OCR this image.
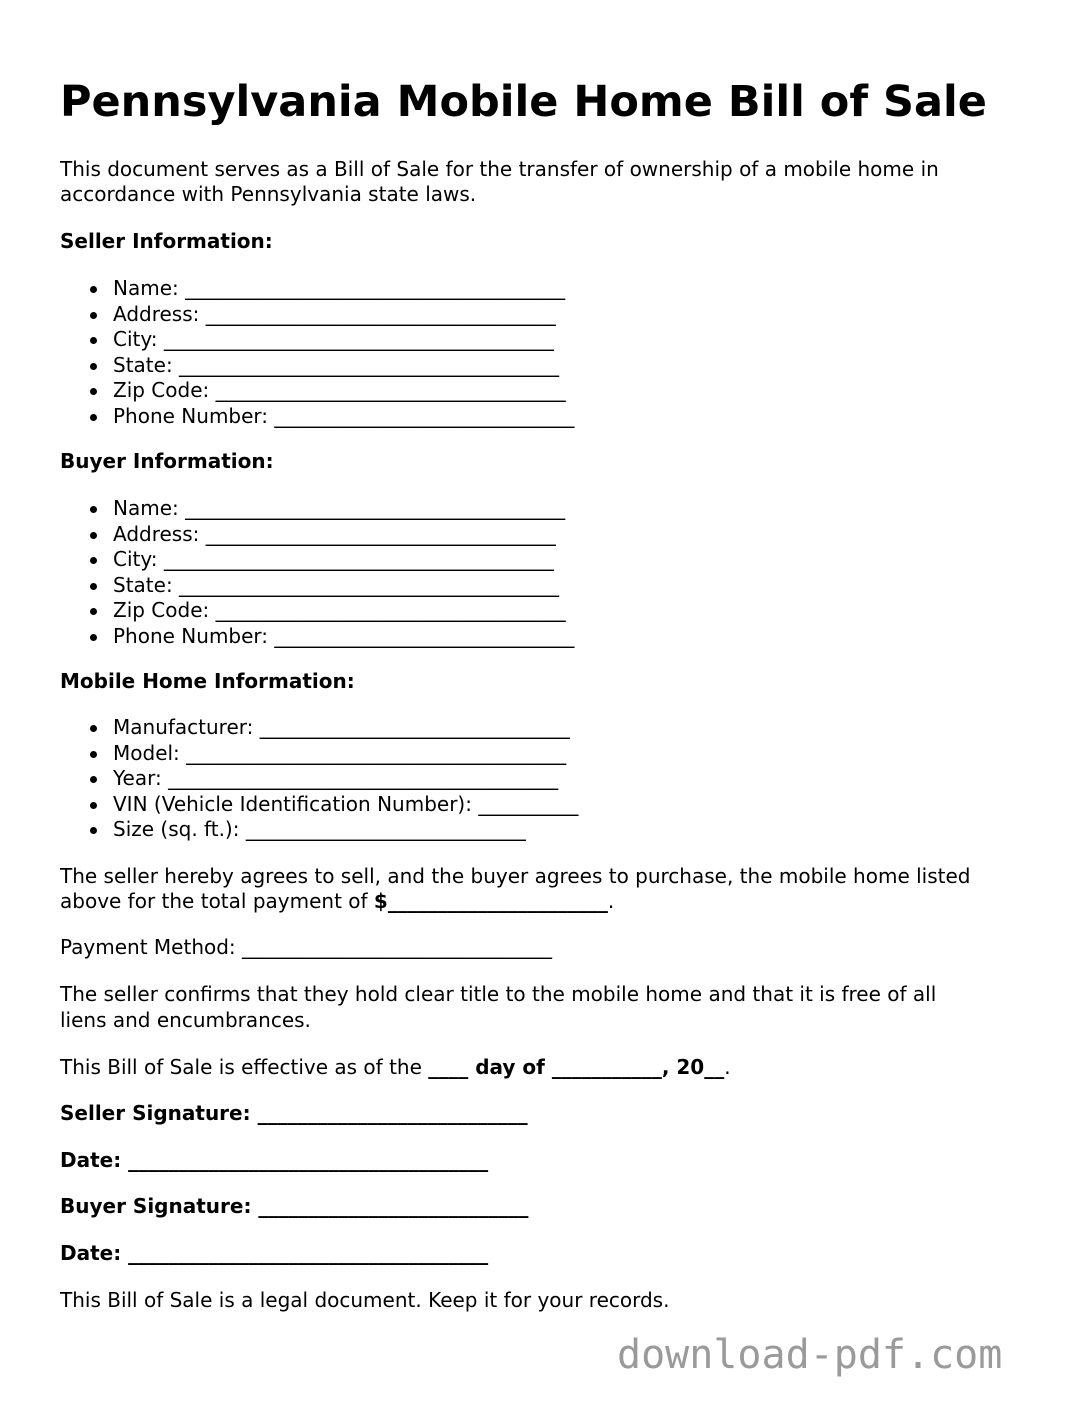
Pennsylvania Mobile Home Bill of Sale

This document serves as a Bill of Sale for the transfer of ownership of a mobile home in

accordance with Pennsylvania state laws.

Seller Information:

Name: ______________________________________
Address: ___________________________________
City: _______________________________________
State: ______________________________________
Zip Code: ___________________________________
Phone Number: ______________________________

Buyer Information:

Name: ______________________________________
Address: ___________________________________
City: _______________________________________
State: ______________________________________
Zip Code: ___________________________________
Phone Number: ______________________________

Mobile Home Information:

Manufacturer: _______________________________
Model: ______________________________________
Year: _______________________________________
VIN (Vehicle Identification Number): __________
Size (sq. ft.): ____________________________

The seller hereby agrees to sell, and the buyer agrees to purchase, the mobile home listed

above for the total payment of $______________________.

Payment Method: _______________________________

The seller confirms that they hold clear title to the mobile home and that it is free of all

liens and encumbrances.

This Bill of Sale is effective as of the ____ day of ___________, 20__.

Seller Signature: ___________________________

Date: ____________________________________

Buyer Signature: ___________________________

Date: ____________________________________

This Bill of Sale is a legal document. Keep it for your records.

download-pdf.com
